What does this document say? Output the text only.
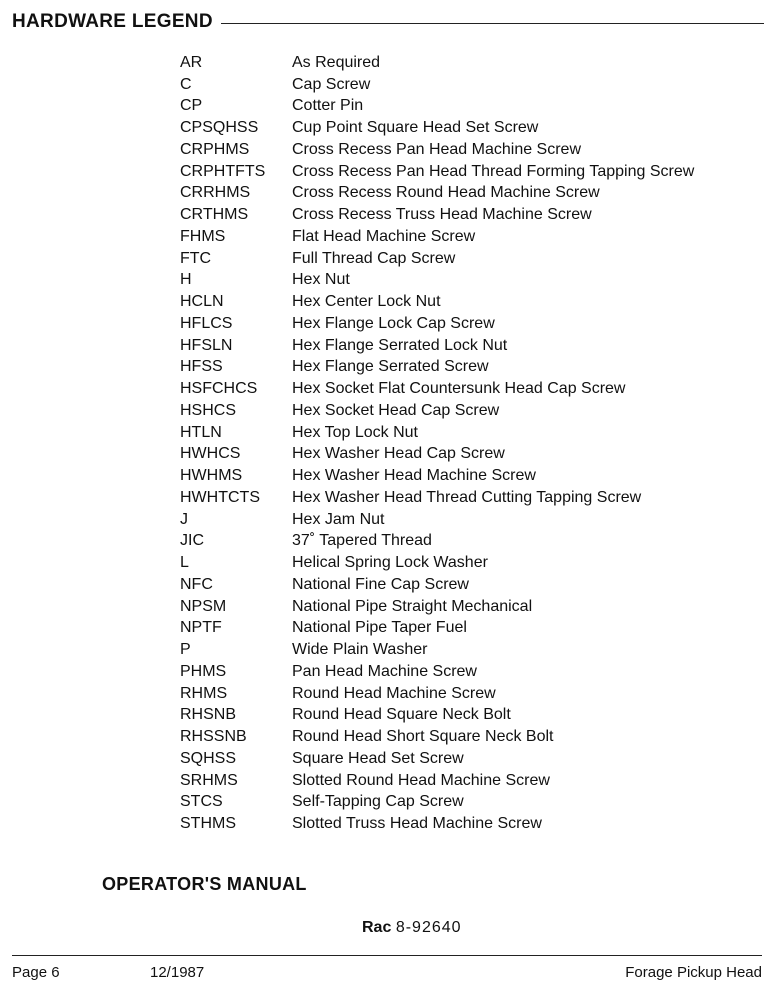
HARDWARE LEGEND
AR	As Required
C	Cap Screw
CP	Cotter Pin
CPSQHSS	Cup Point Square Head Set Screw
CRPHMS	Cross Recess Pan Head Machine Screw
CRPHTFTS	Cross Recess Pan Head Thread Forming Tapping Screw
CRRHMS	Cross Recess Round Head Machine Screw
CRTHMS	Cross Recess Truss Head Machine Screw
FHMS	Flat Head Machine Screw
FTC	Full Thread Cap Screw
H	Hex Nut
HCLN	Hex Center Lock Nut
HFLCS	Hex Flange Lock Cap Screw
HFSLN	Hex Flange Serrated Lock Nut
HFSS	Hex Flange Serrated Screw
HSFCHCS	Hex Socket Flat Countersunk Head Cap Screw
HSHCS	Hex Socket Head Cap Screw
HTLN	Hex Top Lock Nut
HWHCS	Hex Washer Head Cap Screw
HWHMS	Hex Washer Head Machine Screw
HWHTCTS	Hex Washer Head Thread Cutting Tapping Screw
J	Hex Jam Nut
JIC	37˚ Tapered Thread
L	Helical Spring Lock Washer
NFC	National Fine Cap Screw
NPSM	National Pipe Straight Mechanical
NPTF	National Pipe Taper Fuel
P	Wide Plain Washer
PHMS	Pan Head Machine Screw
RHMS	Round Head Machine Screw
RHSNB	Round Head Square Neck Bolt
RHSSNB	Round Head Short Square Neck Bolt
SQHSS	Square Head Set Screw
SRHMS	Slotted Round Head Machine Screw
STCS	Self-Tapping Cap Screw
STHMS	Slotted Truss Head Machine Screw
OPERATOR'S MANUAL
Rac 8-92640
Page 6	12/1987	Forage Pickup Head
